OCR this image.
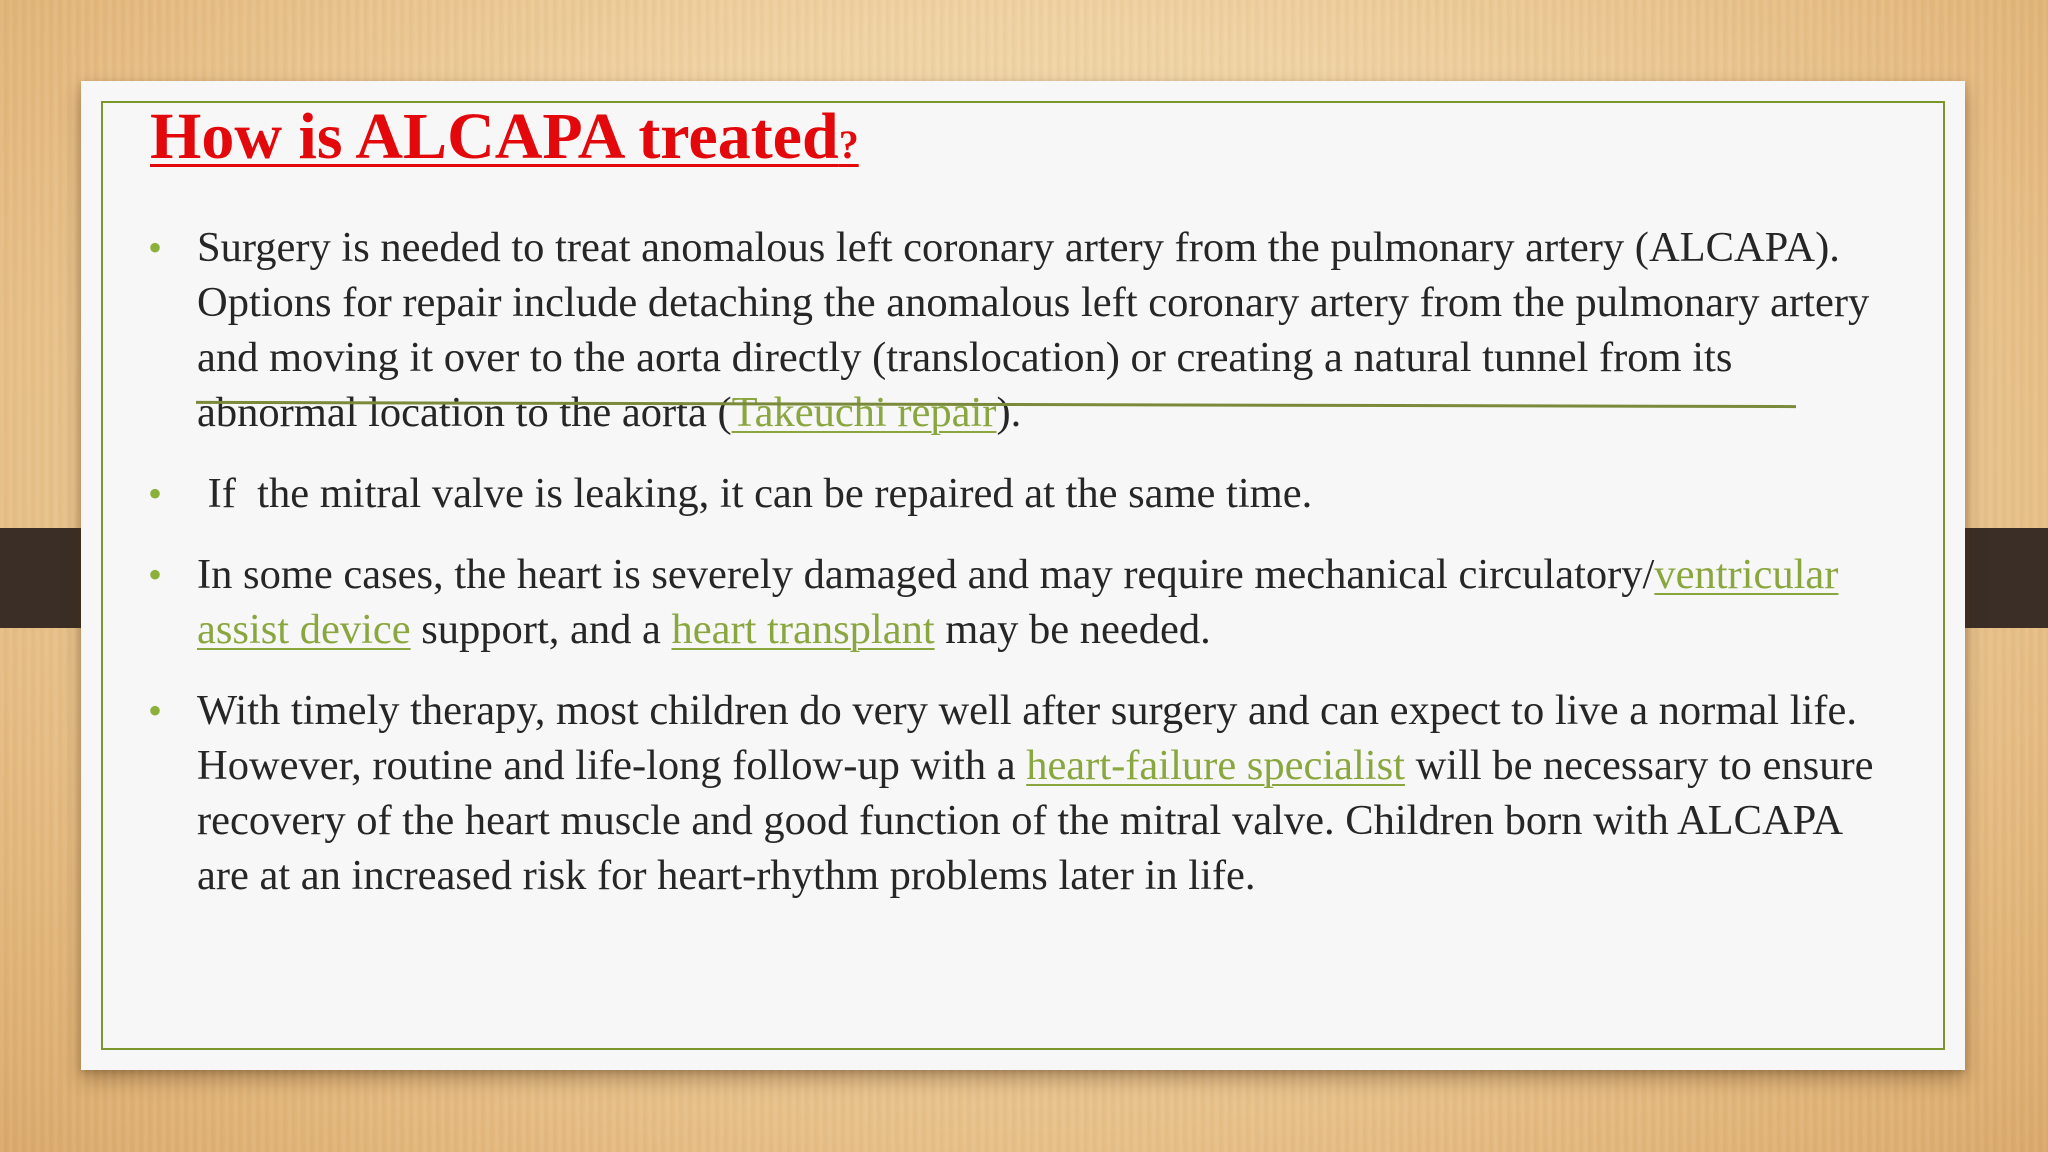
How is ALCAPA treated?
• Surgery is needed to treat anomalous left coronary artery from the pulmonary artery (ALCAPA). Options for repair include detaching the anomalous left coronary artery from the pulmonary artery and moving it over to the aorta directly (translocation) or creating a natural tunnel from its abnormal location to the aorta (Takeuchi repair).
• If  the mitral valve is leaking, it can be repaired at the same time.
• In some cases, the heart is severely damaged and may require mechanical circulatory/ventricular assist device support, and a heart transplant may be needed.
• With timely therapy, most children do very well after surgery and can expect to live a normal life. However, routine and life-long follow-up with a heart-failure specialist will be necessary to ensure recovery of the heart muscle and good function of the mitral valve. Children born with ALCAPA are at an increased risk for heart-rhythm problems later in life.
